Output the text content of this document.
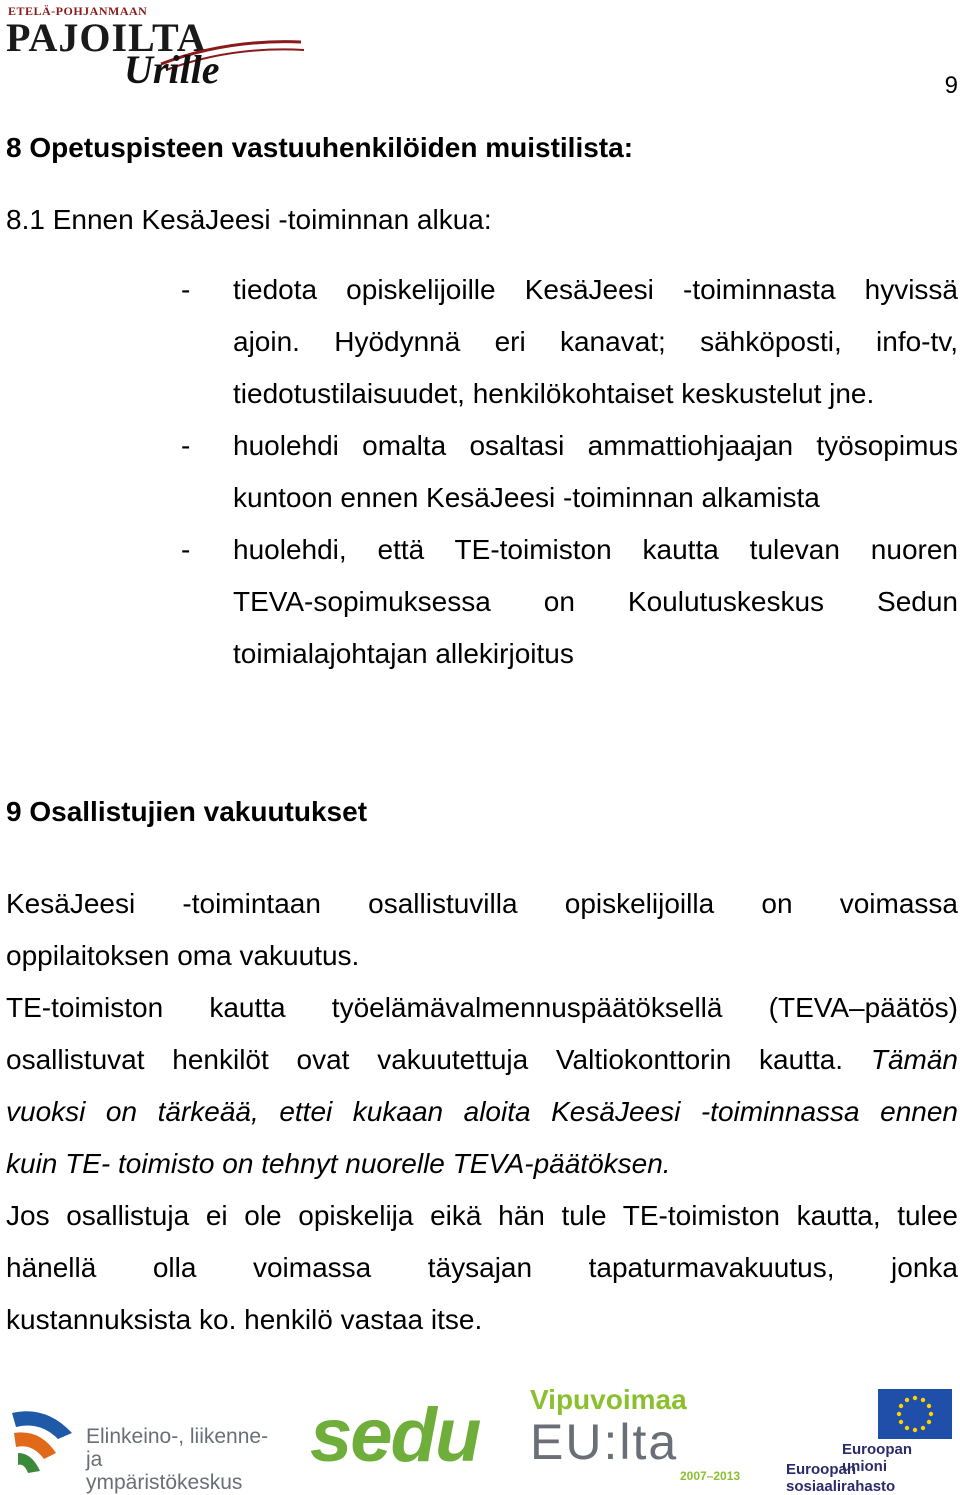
ETELÄ-POHJANMAAN
PAJOILTA
Urille	9
8 Opetuspisteen vastuuhenkilöiden muistilista:
8.1 Ennen KesäJeesi -toiminnan alkua:
- tiedota opiskelijoille KesäJeesi -toiminnasta hyvissä
ajoin. Hyödynnä eri kanavat; sähköposti, info-tv,
tiedotustilaisuudet, henkilökohtaiset keskustelut jne.
- huolehdi omalta osaltasi ammattiohjaajan työsopimus
kuntoon ennen KesäJeesi -toiminnan alkamista
- huolehdi, että TE-toimiston kautta tulevan nuoren
TEVA-sopimuksessa on Koulutuskeskus Sedun
toimialajohtajan allekirjoitus
9 Osallistujien vakuutukset
KesäJeesi -toimintaan osallistuvilla opiskelijoilla on voimassa
oppilaitoksen oma vakuutus.
TE-toimiston kautta työelämävalmennuspäätöksellä (TEVA–päätös)
osallistuvat henkilöt ovat vakuutettuja Valtiokonttorin kautta. Tämän
vuoksi on tärkeää, ettei kukaan aloita KesäJeesi -toiminnassa ennen
kuin TE- toimisto on tehnyt nuorelle TEVA-päätöksen.
Jos osallistuja ei ole opiskelija eikä hän tule TE-toimiston kautta, tulee
hänellä olla voimassa täysajan tapaturmavakuutus, jonka
kustannuksista ko. henkilö vastaa itse.
Elinkeino-, liikenne- ja
ympäristökeskus
sedu Vipuvoimaa
EU:lta
2007–2013
Euroopan unioni
Euroopan sosiaalirahasto
